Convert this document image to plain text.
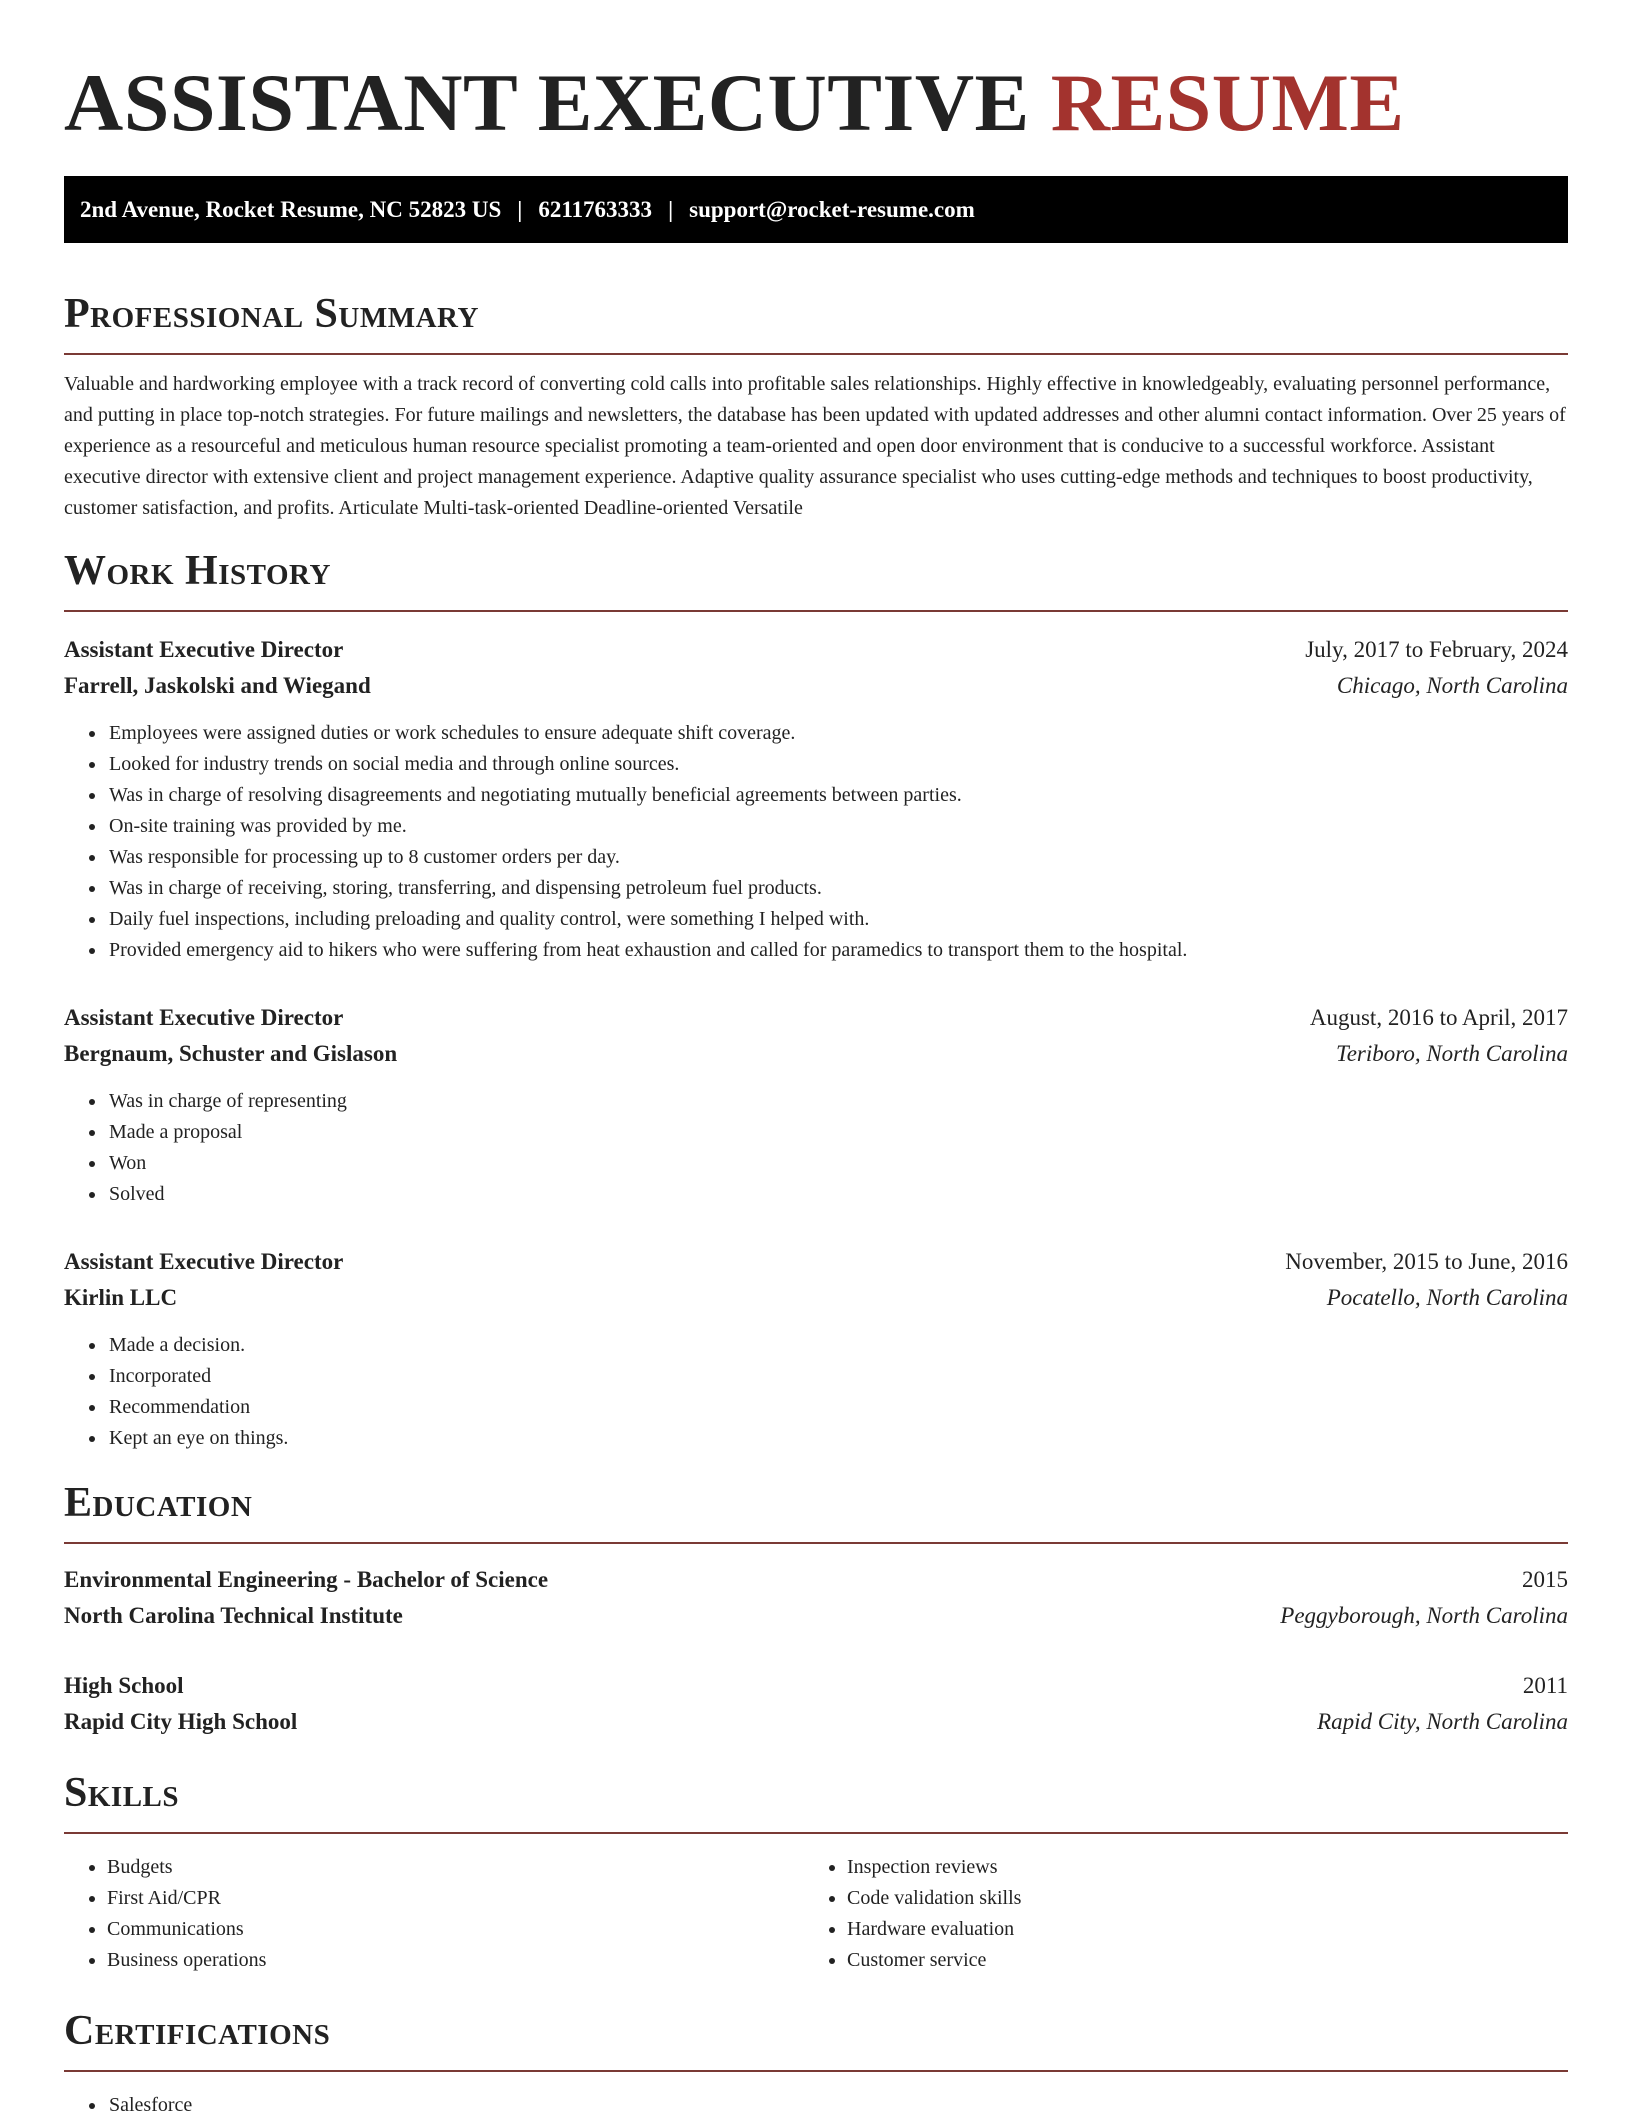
ASSISTANT EXECUTIVE RESUME
2nd Avenue, Rocket Resume, NC 52823 US | 6211763333 | support@rocket-resume.com
Professional Summary

Valuable and hardworking employee with a track record of converting cold calls into profitable sales relationships. Highly effective in knowledgeably, evaluating personnel performance, and putting in place top-notch strategies. For future mailings and newsletters, the database has been updated with updated addresses and other alumni contact information. Over 25 years of experience as a resourceful and meticulous human resource specialist promoting a team-oriented and open door environment that is conducive to a successful workforce. Assistant executive director with extensive client and project management experience. Adaptive quality assurance specialist who uses cutting-edge methods and techniques to boost productivity, customer satisfaction, and profits. Articulate Multi-task-oriented Deadline-oriented Versatile

Work History
Assistant Executive Director	July, 2017 to February, 2024
Farrell, Jaskolski and Wiegand	Chicago, North Carolina
• Employees were assigned duties or work schedules to ensure adequate shift coverage.
• Looked for industry trends on social media and through online sources.
• Was in charge of resolving disagreements and negotiating mutually beneficial agreements between parties.
• On-site training was provided by me.
• Was responsible for processing up to 8 customer orders per day.
• Was in charge of receiving, storing, transferring, and dispensing petroleum fuel products.
• Daily fuel inspections, including preloading and quality control, were something I helped with.
• Provided emergency aid to hikers who were suffering from heat exhaustion and called for paramedics to transport them to the hospital.
Assistant Executive Director	August, 2016 to April, 2017
Bergnaum, Schuster and Gislason	Teriboro, North Carolina
• Was in charge of representing
• Made a proposal
• Won
• Solved
Assistant Executive Director	November, 2015 to June, 2016
Kirlin LLC	Pocatello, North Carolina
• Made a decision.
• Incorporated
• Recommendation
• Kept an eye on things.
Education
Environmental Engineering - Bachelor of Science	2015
North Carolina Technical Institute	Peggyborough, North Carolina
High School	2011
Rapid City High School	Rapid City, North Carolina
Skills
• Budgets
• First Aid/CPR
• Communications
• Business operations
• Inspection reviews
• Code validation skills
• Hardware evaluation
• Customer service
Certifications
• Salesforce
